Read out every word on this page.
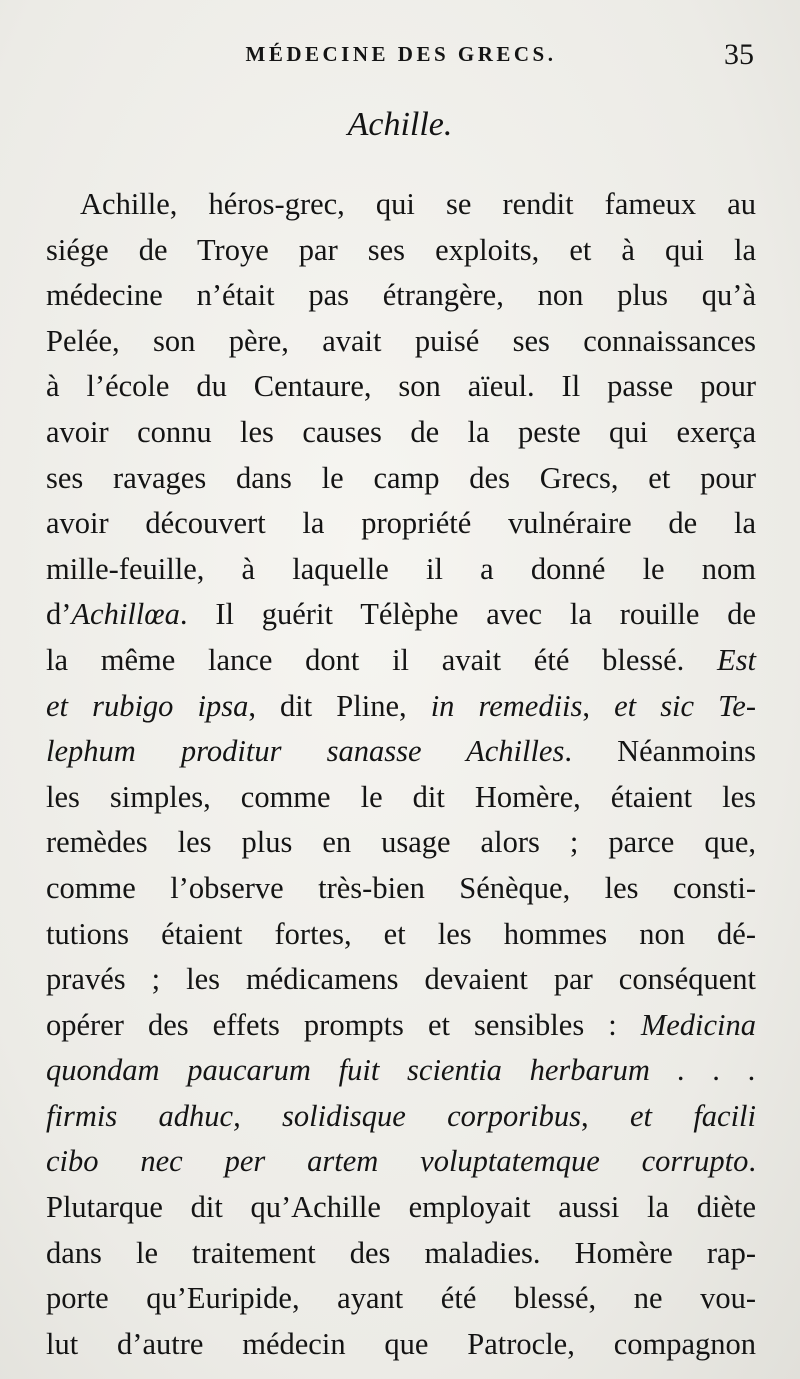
MÉDECINE DES GRECS.	35
Achille.
Achille, héros-grec, qui se rendit fameux au
siége de Troye par ses exploits, et à qui la
médecine n’était pas étrangère, non plus qu’à
Pelée, son père, avait puisé ses connaissances
à l’école du Centaure, son aïeul. Il passe pour
avoir connu les causes de la peste qui exerça
ses ravages dans le camp des Grecs, et pour
avoir découvert la propriété vulnéraire de la
mille-feuille, à laquelle il a donné le nom
d’Achillœa. Il guérit Télèphe avec la rouille de
la même lance dont il avait été blessé. Est
et rubigo ipsa, dit Pline, in remediis, et sic Te-
lephum proditur sanasse Achilles. Néanmoins
les simples, comme le dit Homère, étaient les
remèdes les plus en usage alors ; parce que,
comme l’observe très-bien Sénèque, les consti-
tutions étaient fortes, et les hommes non dé-
pravés ; les médicamens devaient par conséquent
opérer des effets prompts et sensibles : Medicina
quondam paucarum fuit scientia herbarum . . .
firmis adhuc, solidisque corporibus, et facili
cibo nec per artem voluptatemque corrupto.
Plutarque dit qu’Achille employait aussi la diète
dans le traitement des maladies. Homère rap-
porte qu’Euripide, ayant été blessé, ne vou-
lut d’autre médecin que Patrocle, compagnon
